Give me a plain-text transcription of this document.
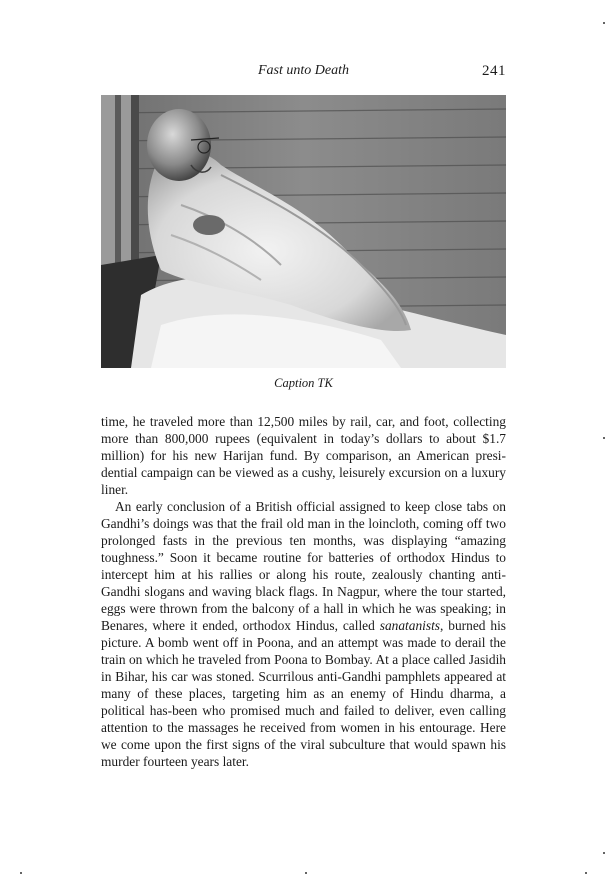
Fast unto Death	241
Caption TK

time, he traveled more than 12,500 miles by rail, car, and foot, collecting more than 800,000 rupees (equivalent in today’s dollars to about $1.7 million) for his new Harijan fund. By comparison, an American presidential campaign can be viewed as a cushy, leisurely excursion on a luxury liner.

An early conclusion of a British official assigned to keep close tabs on Gandhi’s doings was that the frail old man in the loincloth, coming off two prolonged fasts in the previous ten months, was displaying “amazing toughness.” Soon it became routine for batteries of orthodox Hindus to intercept him at his rallies or along his route, zealously chanting anti-Gandhi slogans and waving black flags. In Nagpur, where the tour started, eggs were thrown from the balcony of a hall in which he was speaking; in Benares, where it ended, orthodox Hindus, called sanatanists, burned his picture. A bomb went off in Poona, and an attempt was made to derail the train on which he traveled from Poona to Bombay. At a place called Jasidih in Bihar, his car was stoned. Scurrilous anti-Gandhi pamphlets appeared at many of these places, targeting him as an enemy of Hindu dharma, a political has-been who promised much and failed to deliver, even calling attention to the massages he received from women in his entourage. Here we come upon the first signs of the viral subculture that would spawn his murder fourteen years later.
